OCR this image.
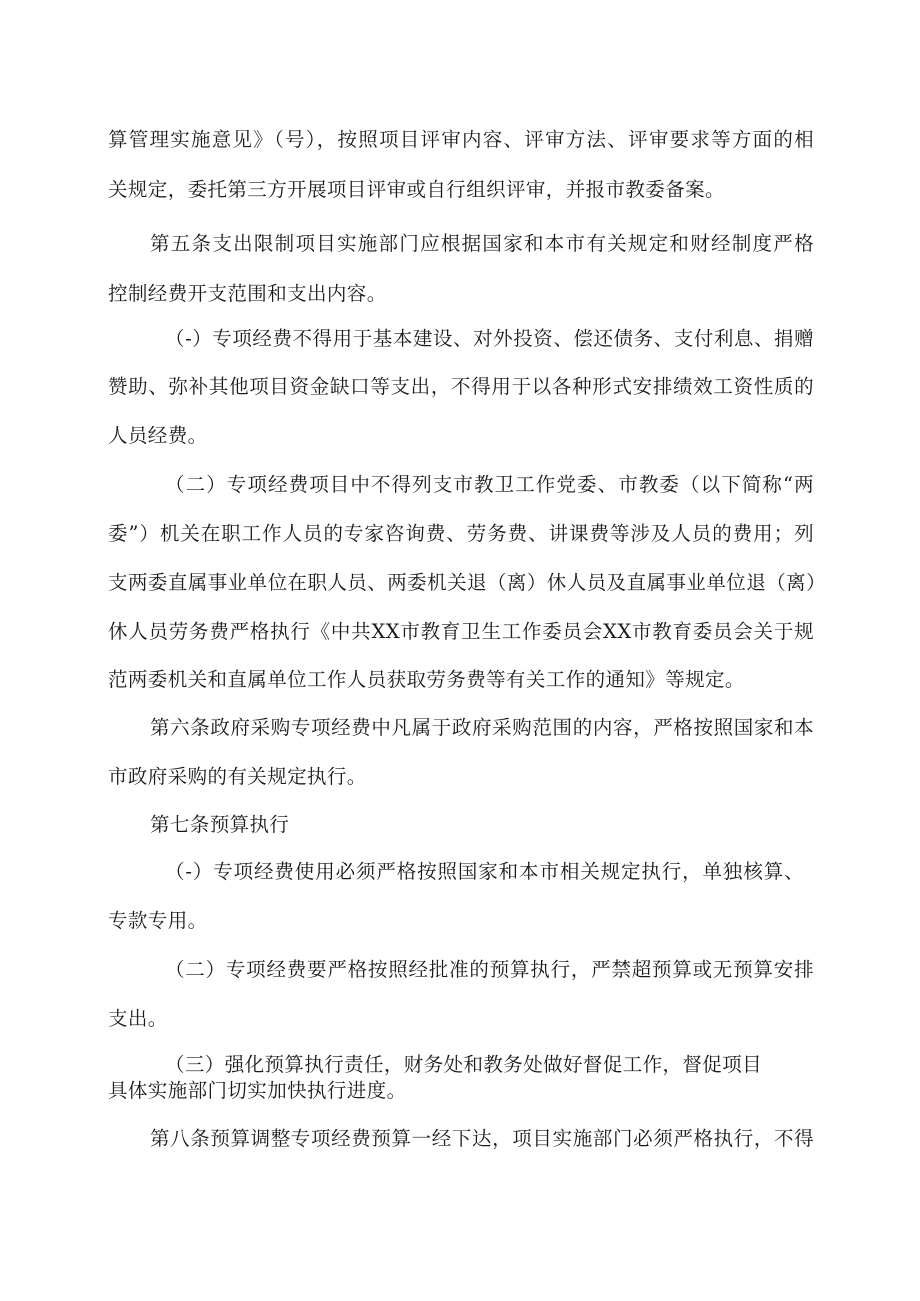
算管理实施意见》（号），按照项目评审内容、评审方法、评审要求等方面的相
关规定，委托第三方开展项目评审或自行组织评审，并报市教委备案。
第五条支出限制项目实施部门应根据国家和本市有关规定和财经制度严格
控制经费开支范围和支出内容。
（-）专项经费不得用于基本建设、对外投资、偿还债务、支付利息、捐赠
赞助、弥补其他项目资金缺口等支出，不得用于以各种形式安排绩效工资性质的
人员经费。
（二）专项经费项目中不得列支市教卫工作党委、市教委（以下简称“两
委”）机关在职工作人员的专家咨询费、劳务费、讲课费等涉及人员的费用；列
支两委直属事业单位在职人员、两委机关退（离）休人员及直属事业单位退（离）
休人员劳务费严格执行《中共XX市教育卫生工作委员会XX市教育委员会关于规
范两委机关和直属单位工作人员获取劳务费等有关工作的通知》等规定。
第六条政府采购专项经费中凡属于政府采购范围的内容，严格按照国家和本
市政府采购的有关规定执行。
第七条预算执行
（-）专项经费使用必须严格按照国家和本市相关规定执行，单独核算、
专款专用。
（二）专项经费要严格按照经批准的预算执行，严禁超预算或无预算安排
支出。
（三）强化预算执行责任，财务处和教务处做好督促工作，督促项目
具体实施部门切实加快执行进度。
第八条预算调整专项经费预算一经下达，项目实施部门必须严格执行，不得
